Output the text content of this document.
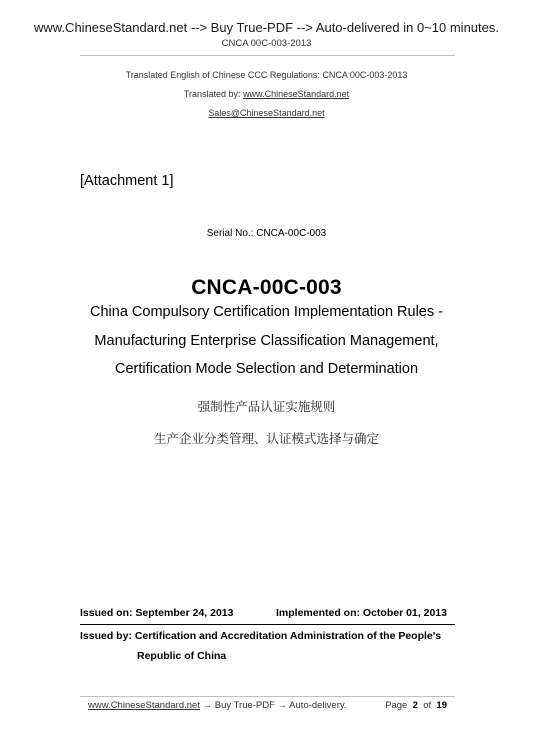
www.ChineseStandard.net --> Buy True-PDF --> Auto-delivered in 0~10 minutes.
CNCA 00C-003-2013
Translated English of Chinese CCC Regulations: CNCA 00C-003-2013
Translated by: www.ChineseStandard.net
Sales@ChineseStandard.net
[Attachment 1]
Serial No.: CNCA-00C-003
CNCA-00C-003
China Compulsory Certification Implementation Rules -
Manufacturing Enterprise Classification Management,
Certification Mode Selection and Determination
强制性产品认证实施规则
生产企业分类管理、认证模式选择与确定
Issued on: September 24, 2013	Implemented on: October 01, 2013
Issued by: Certification and Accreditation Administration of the People's
Republic of China
www.ChineseStandard.net → Buy True-PDF → Auto-delivery.	Page 2 of 19
